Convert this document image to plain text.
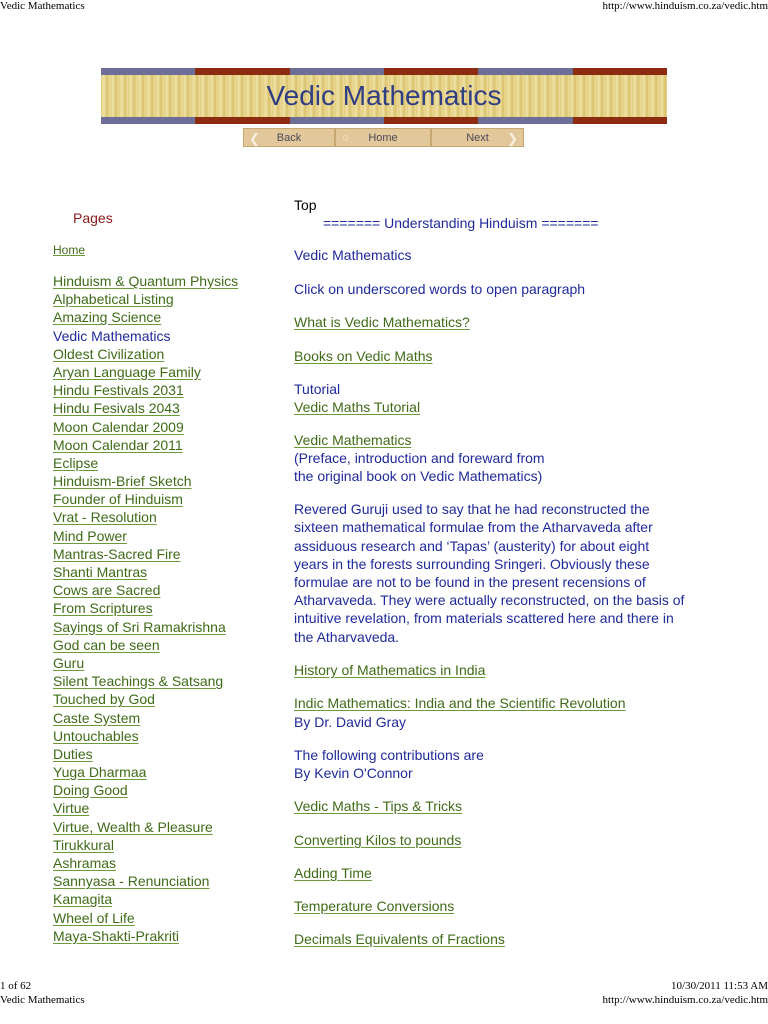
Vedic Mathematics	http://www.hinduism.co.za/vedic.htm
Vedic Mathematics
❮	Back	○	Home	Next	❯
Pages
Home
Hinduism & Quantum Physics
Alphabetical Listing
Amazing Science
Vedic Mathematics
Oldest Civilization
Aryan Language Family
Hindu Festivals 2031
Hindu Fesivals 2043
Moon Calendar 2009
Moon Calendar 2011
Eclipse
Hinduism-Brief Sketch
Founder of Hinduism
Vrat - Resolution
Mind Power
Mantras-Sacred Fire
Shanti Mantras
Cows are Sacred
From Scriptures
Sayings of Sri Ramakrishna
God can be seen
Guru
Silent Teachings & Satsang
Touched by God
Caste System
Untouchables
Duties
Yuga Dharmaa
Doing Good
Virtue
Virtue, Wealth & Pleasure
Tirukkural
Ashramas
Sannyasa - Renunciation
Kamagita
Wheel of Life
Maya-Shakti-Prakriti
Top
======= Understanding Hinduism =======
Vedic Mathematics
Click on underscored words to open paragraph
What is Vedic Mathematics?
Books on Vedic Maths
Tutorial
Vedic Maths Tutorial
Vedic Mathematics
(Preface, introduction and foreward from
the original book on Vedic Mathematics)
Revered Guruji used to say that he had reconstructed the
sixteen mathematical formulae from the Atharvaveda after
assiduous research and ‘Tapas’ (austerity) for about eight
years in the forests surrounding Sringeri. Obviously these
formulae are not to be found in the present recensions of
Atharvaveda. They were actually reconstructed, on the basis of
intuitive revelation, from materials scattered here and there in
the Atharvaveda.
History of Mathematics in India
Indic Mathematics: India and the Scientific Revolution
By Dr. David Gray
The following contributions are
By Kevin O'Connor
Vedic Maths - Tips & Tricks
Converting Kilos to pounds
Adding Time
Temperature Conversions
Decimals Equivalents of Fractions
1 of 62	10/30/2011 11:53 AM
Vedic Mathematics	http://www.hinduism.co.za/vedic.htm
